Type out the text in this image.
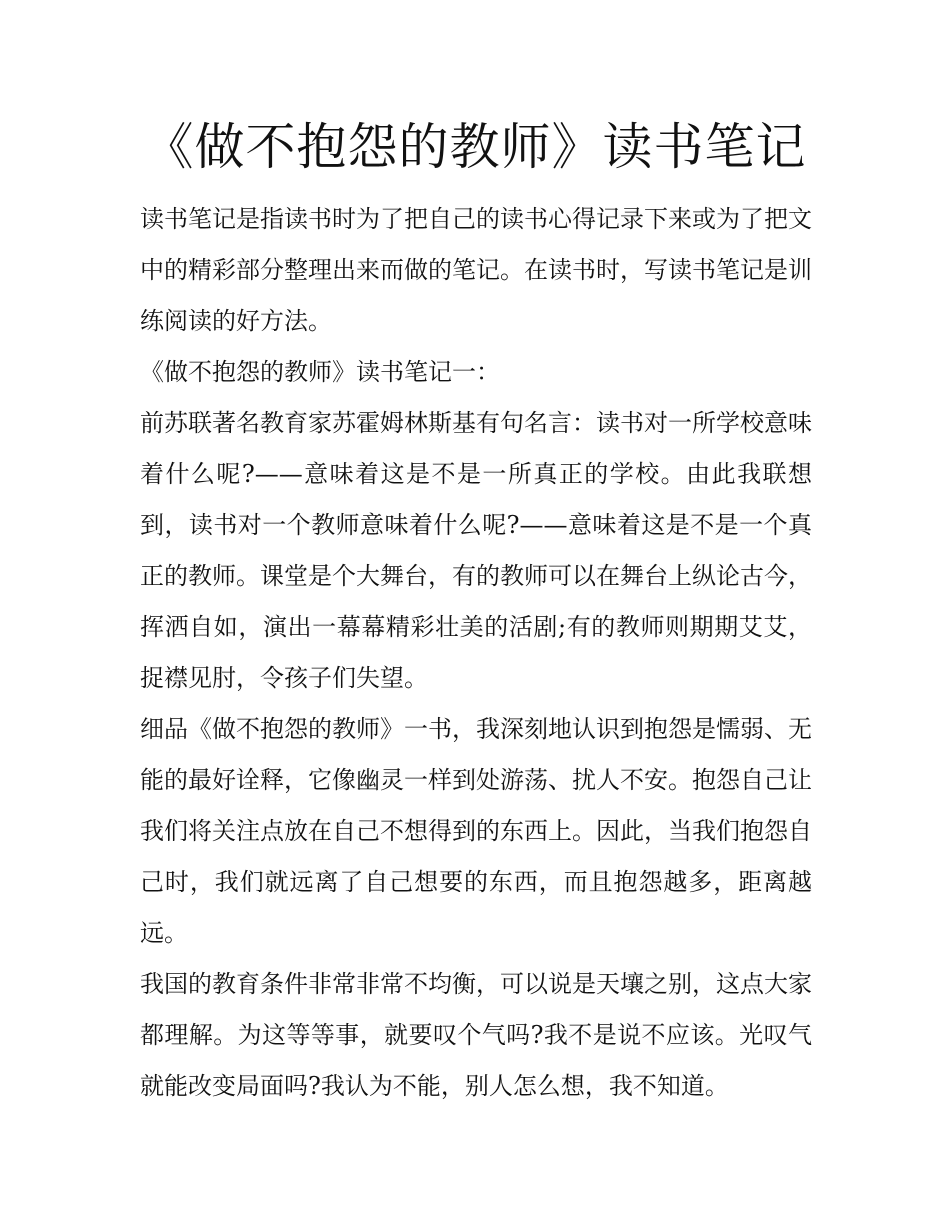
《做不抱怨的教师》读书笔记

读书笔记是指读书时为了把自己的读书心得记录下来或为了把文中的精彩部分整理出来而做的笔记。在读书时，写读书笔记是训练阅读的好方法。

《做不抱怨的教师》读书笔记一：

前苏联著名教育家苏霍姆林斯基有句名言：读书对一所学校意味着什么呢?——意味着这是不是一所真正的学校。由此我联想到，读书对一个教师意味着什么呢?——意味着这是不是一个真正的教师。课堂是个大舞台，有的教师可以在舞台上纵论古今，挥洒自如，演出一幕幕精彩壮美的活剧;有的教师则期期艾艾，捉襟见肘，令孩子们失望。

细品《做不抱怨的教师》一书，我深刻地认识到抱怨是懦弱、无能的最好诠释，它像幽灵一样到处游荡、扰人不安。抱怨自己让我们将关注点放在自己不想得到的东西上。因此，当我们抱怨自己时，我们就远离了自己想要的东西，而且抱怨越多，距离越远。

我国的教育条件非常非常不均衡，可以说是天壤之别，这点大家都理解。为这等等事，就要叹个气吗?我不是说不应该。光叹气就能改变局面吗?我认为不能，别人怎么想，我不知道。
